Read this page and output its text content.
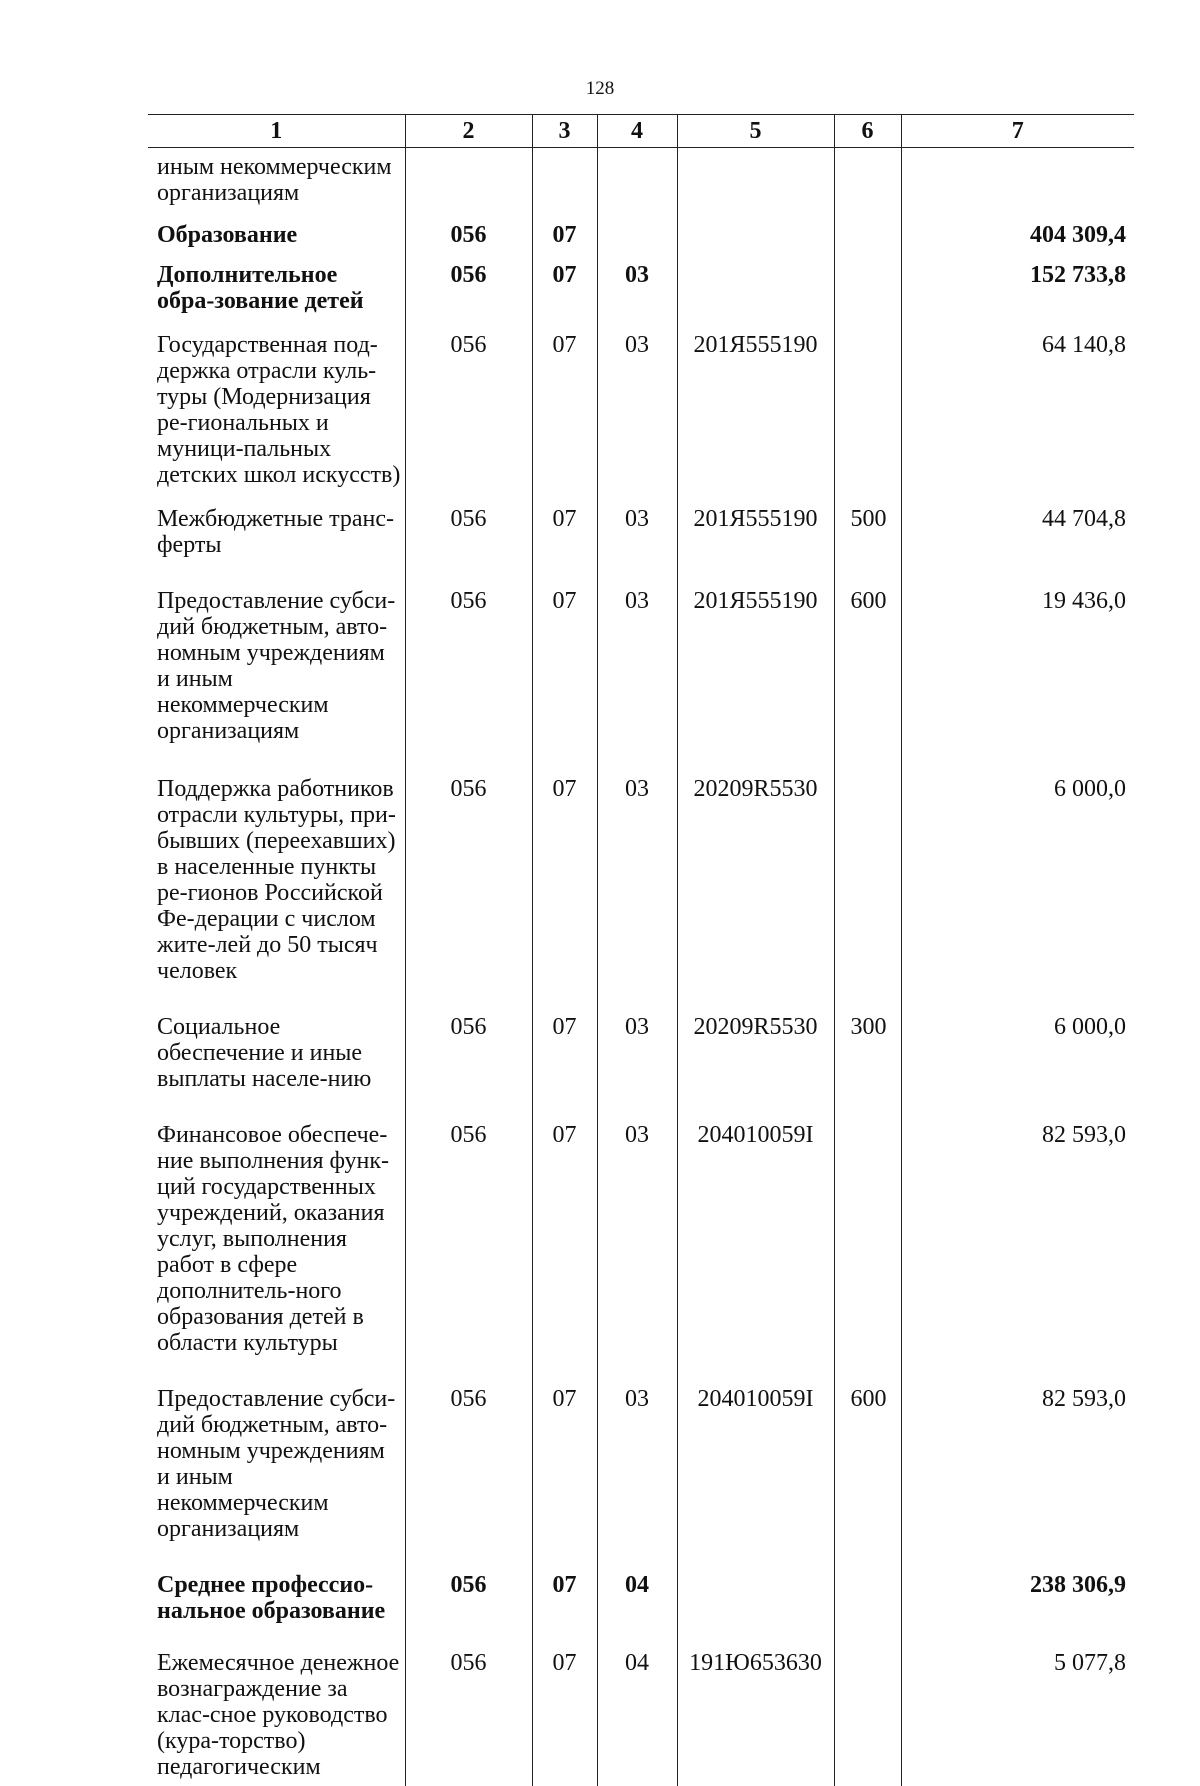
128
1	2	3	4	5	6	7
иным некоммерческим организациям						
Образование	056	07				404 309,4
Дополнительное обра-зование детей	056	07	03			152 733,8
Государственная под-держка отрасли куль-туры (Модернизация ре-гиональных и муници-пальных детских школ искусств)	056	07	03	201Я555190		64 140,8
Межбюджетные транс-ферты	056	07	03	201Я555190	500	44 704,8
Предоставление субси-дий бюджетным, авто-номным учреждениям и иным некоммерческим организациям	056	07	03	201Я555190	600	19 436,0
Поддержка работников отрасли культуры, при-бывших (переехавших) в населенные пункты ре-гионов Российской Фе-дерации с числом жите-лей до 50 тысяч человек	056	07	03	20209R5530		6 000,0
Социальное обеспечение и иные выплаты населе-нию	056	07	03	20209R5530	300	6 000,0
Финансовое обеспече-ние выполнения функ-ций государственных учреждений, оказания услуг, выполнения работ в сфере дополнитель-ного образования детей в области культуры	056	07	03	204010059I		82 593,0
Предоставление субси-дий бюджетным, авто-номным учреждениям и иным некоммерческим организациям	056	07	03	204010059I	600	82 593,0
Среднее профессио-нальное образование	056	07	04			238 306,9
Ежемесячное денежное вознаграждение за клас-сное руководство (кура-торство) педагогическим	056	07	04	191Ю653630		5 077,8
